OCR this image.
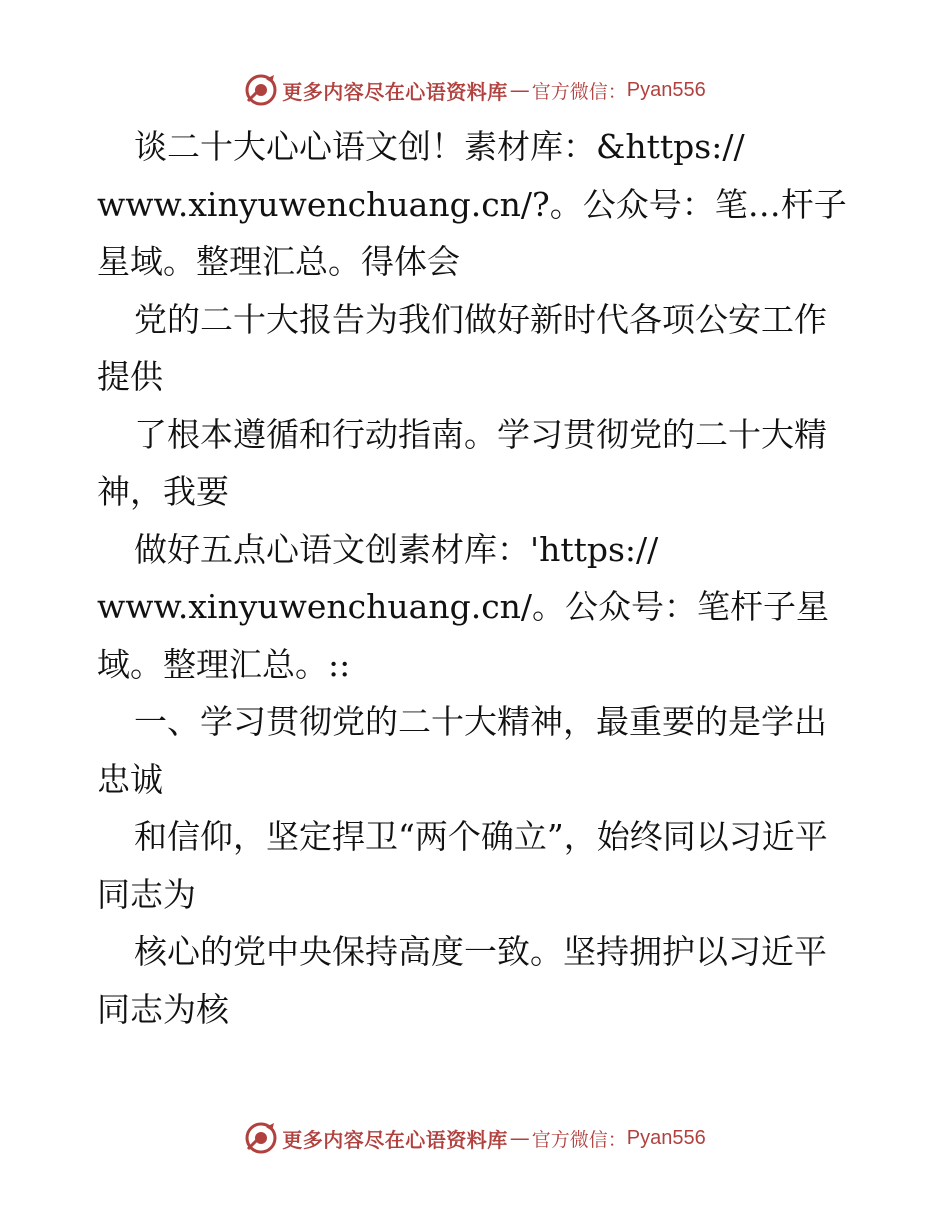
更多内容尽在心语资料库 — 官方微信： Pyan556

谈二十大心心语文创！素材库：&https://

www.xinyuwenchuang.cn/?。公众号：笔…杆子星域。整理汇总。得体会

党的二十大报告为我们做好新时代各项公安工作提供

了根本遵循和行动指南。学习贯彻党的二十大精神，我要

做好五点心语文创素材库：'https://

www.xinyuwenchuang.cn/。公众号：笔杆子星域。整理汇总。::

一、学习贯彻党的二十大精神，最重要的是学出忠诚

和信仰，坚定捍卫“两个确立”，始终同以习近平同志为

核心的党中央保持高度一致。坚持拥护以习近平同志为核

更多内容尽在心语资料库 — 官方微信： Pyan556
